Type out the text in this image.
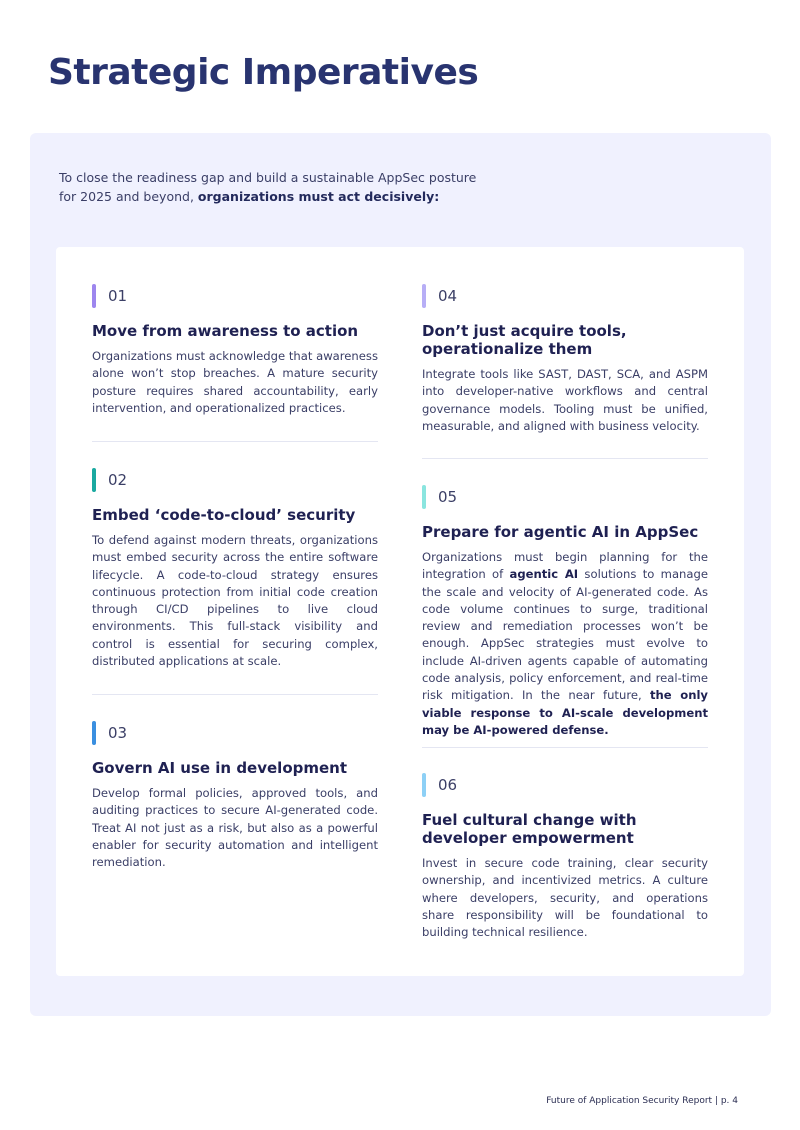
Strategic Imperatives

To close the readiness gap and build a sustainable AppSec posture

for 2025 and beyond, organizations must act decisively:

01
Move from awareness to action

Organizations must acknowledge that awareness alone won’t stop breaches. A mature security posture requires shared accountability, early intervention, and operationalized practices.

02
Embed ‘code-to-cloud’ security

To defend against modern threats, organizations must embed security across the entire software lifecycle. A code-to-cloud strategy ensures continuous protection from initial code creation through CI/CD pipelines to live cloud environments. This full-stack visibility and control is essential for securing complex, distributed applications at scale.

03
Govern AI use in development

Develop formal policies, approved tools, and auditing practices to secure AI-generated code. Treat AI not just as a risk, but also as a powerful enabler for security automation and intelligent remediation.

04
Don’t just acquire tools, operationalize them

Integrate tools like SAST, DAST, SCA, and ASPM into developer-native workflows and central governance models. Tooling must be unified, measurable, and aligned with business velocity.

05
Prepare for agentic AI in AppSec

Organizations must begin planning for the integration of agentic AI solutions to manage the scale and velocity of AI-generated code. As code volume continues to surge, traditional review and remediation processes won’t be enough. AppSec strategies must evolve to include AI-driven agents capable of automating code analysis, policy enforcement, and real-time risk mitigation. In the near future, the only viable response to AI-scale development may be AI-powered defense.

06
Fuel cultural change with developer empowerment

Invest in secure code training, clear security ownership, and incentivized metrics. A culture where developers, security, and operations share responsibility will be foundational to building technical resilience.

Future of Application Security Report | p. 4
